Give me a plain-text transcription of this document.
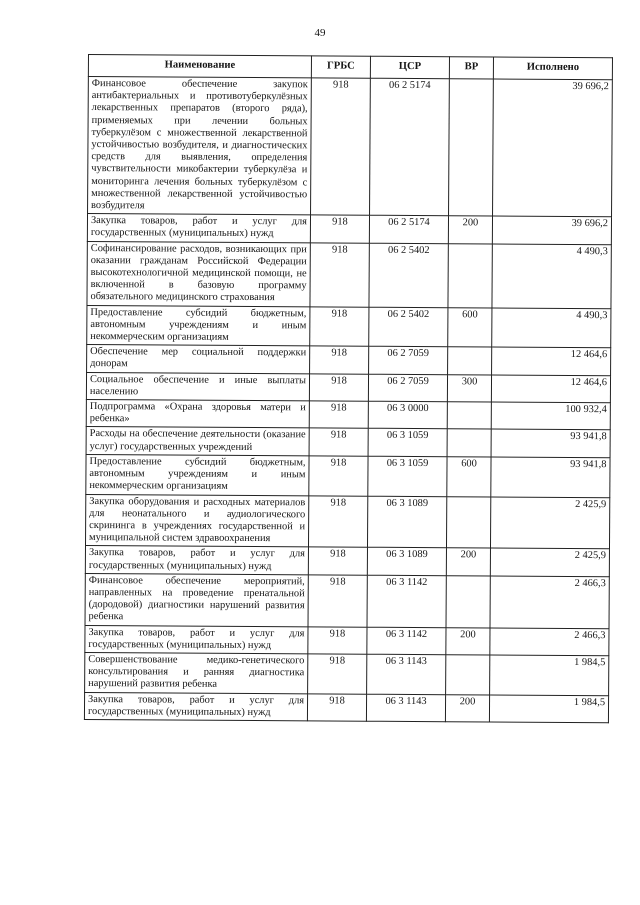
49
Наименование	ГРБС	ЦСР	ВР	Исполнено
Финансовое обеспечение закупок антибактериальных и противотуберкулёзных лекарственных препаратов (второго ряда), применяемых при лечении больных туберкулёзом с множественной лекарственной устойчивостью возбудителя, и диагностических средств для выявления, определения чувствительности микобактерии туберкулёза и мониторинга лечения больных туберкулёзом с множественной лекарственной устойчивостью возбудителя	918	06 2 5174		39 696,2
Закупка товаров, работ и услуг для государственных (муниципальных) нужд	918	06 2 5174	200	39 696,2
Софинансирование расходов, возникающих при оказании гражданам Российской Федерации высокотехнологичной медицинской помощи, не включенной в базовую программу обязательного медицинского страхования	918	06 2 5402		4 490,3
Предоставление субсидий бюджетным, автономным учреждениям и иным некоммерческим организациям	918	06 2 5402	600	4 490,3
Обеспечение мер социальной поддержки донорам	918	06 2 7059		12 464,6
Социальное обеспечение и иные выплаты населению	918	06 2 7059	300	12 464,6
Подпрограмма «Охрана здоровья матери и ребенка»	918	06 3 0000		100 932,4
Расходы на обеспечение деятельности (оказание услуг) государственных учреждений	918	06 3 1059		93 941,8
Предоставление субсидий бюджетным, автономным учреждениям и иным некоммерческим организациям	918	06 3 1059	600	93 941,8
Закупка оборудования и расходных материалов для неонатального и аудиологического скрининга в учреждениях государственной и муниципальной систем здравоохранения	918	06 3 1089		2 425,9
Закупка товаров, работ и услуг для государственных (муниципальных) нужд	918	06 3 1089	200	2 425,9
Финансовое обеспечение мероприятий, направленных на проведение пренатальной (дородовой) диагностики нарушений развития ребенка	918	06 3 1142		2 466,3
Закупка товаров, работ и услуг для государственных (муниципальных) нужд	918	06 3 1142	200	2 466,3
Совершенствование медико-генетического консультирования и ранняя диагностика нарушений развития ребенка	918	06 3 1143		1 984,5
Закупка товаров, работ и услуг для государственных (муниципальных) нужд	918	06 3 1143	200	1 984,5
